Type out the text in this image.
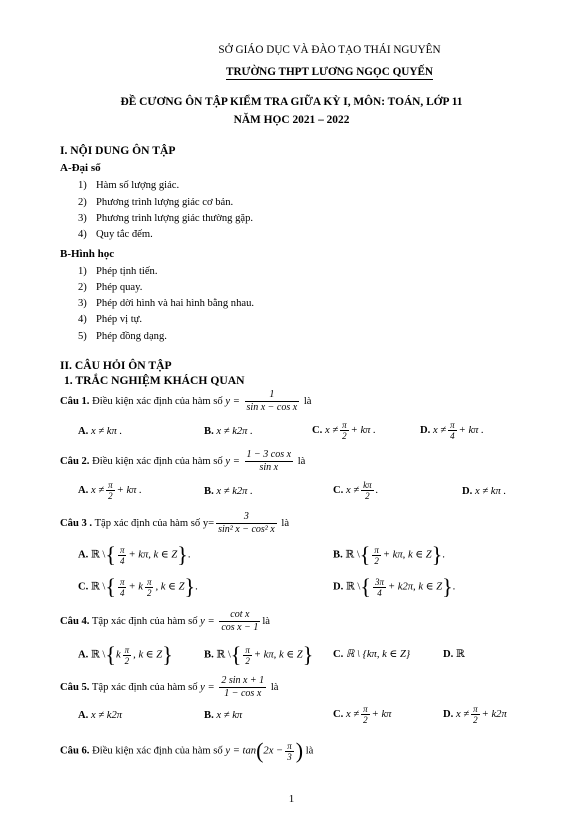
SỞ GIÁO DỤC VÀ ĐÀO TẠO THÁI NGUYÊN
TRƯỜNG THPT LƯƠNG NGỌC QUYẾN
ĐỀ CƯƠNG ÔN TẬP KIỂM TRA GIỮA KỲ I, MÔN: TOÁN, LỚP 11
NĂM HỌC 2021 – 2022
I. NỘI DUNG ÔN TẬP
A-Đại số
1) Hàm số lượng giác.
2) Phương trình lượng giác cơ bản.
3) Phương trình lượng giác thường gặp.
4) Quy tắc đếm.
B-Hình học
1) Phép tịnh tiến.
2) Phép quay.
3) Phép dời hình và hai hình bằng nhau.
4) Phép vị tự.
5) Phép đồng dạng.
II. CÂU HỎI ÔN TẬP
1. TRẮC NGHIỆM KHÁCH QUAN
Câu 1. Điều kiện xác định của hàm số $y = \frac{1}{\text{sin x − cos x}}$ là
A. x ≠ kπ .	B. x ≠ k2π .	C. $x \ne \frac{\pi}{2} + k\pi$ .	D. $x \ne \frac{\pi}{4} + k\pi$ .
Câu 2. Điều kiện xác định của hàm số $y = \frac{\text{1 − 3 cos x}}{\text{sin x}}$ là
A. $x \ne \frac{\pi}{2} + k\pi$ .	B. x ≠ k2π .	C. $x \ne \frac{k\pi}{2}$ .	D. x ≠ kπ .
Câu 3 . Tập xác định của hàm số $y= \frac{3}{\text{sin² x − cos² x}}$ là
A. ℝ \{ $\frac{\pi}{4} + k\pi$, k ∈ Z}.	B. ℝ \{ $\frac{\pi}{2} + k\pi$, k ∈ Z}.
C. ℝ \{ $\frac{\pi}{4} + k \frac{\pi}{2}$ , k ∈ Z}.	D. ℝ \{ $\frac{3\pi}{4} + k2\pi$, k ∈ Z}.
Câu 4. Tập xác định của hàm số $y = \frac{\text{cot x}}{\text{cos x − 1}}$ là
A. ℝ \{k $\frac{\pi}{2}$ , k ∈ Z}	B. ℝ \{ $\frac{\pi}{2} + k\pi$, k ∈ Z} C. ℝ \ {kπ, k ∈ Z}	D. ℝ
Câu 5. Tập xác định của hàm số $y = \frac{\text{2 sin x + 1}}{\text{1 − cos x}}$ là
A. x ≠ k2π	B. x ≠ kπ	C. $x \ne \frac{\pi}{2} + k\pi$	D. $x \ne \frac{\pi}{2} + k2\pi$
Câu 6. Điều kiện xác định của hàm số $y = \tan(2x - \frac{\pi}{3}$ ) là
1
